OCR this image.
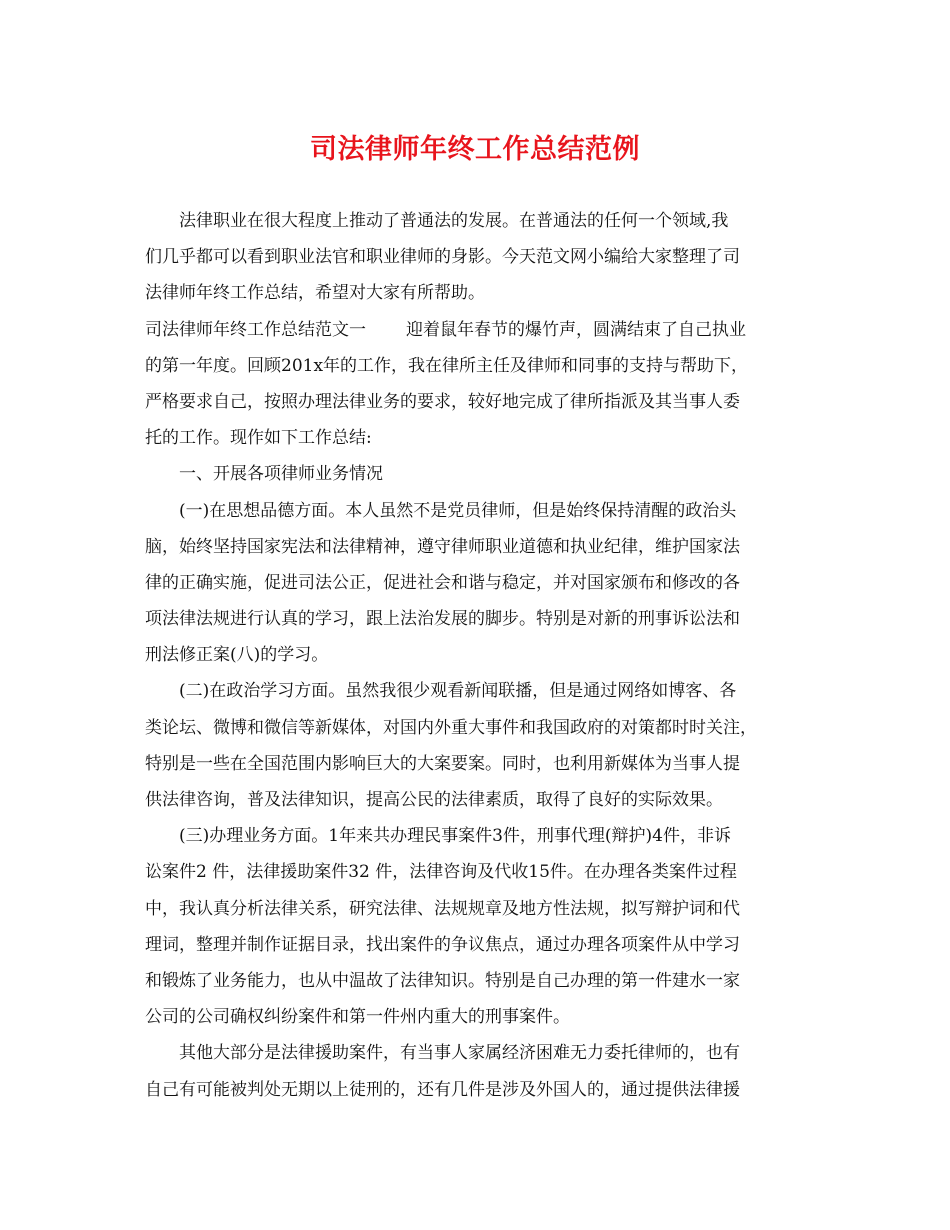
司法律师年终工作总结范例
法律职业在很大程度上推动了普通法的发展。在普通法的任何一个领域,我
们几乎都可以看到职业法官和职业律师的身影。今天范文网小编给大家整理了司
法律师年终工作总结，希望对大家有所帮助。
司法律师年终工作总结范文一 迎着鼠年春节的爆竹声，圆满结束了自己执业
的第一年度。回顾201x年的工作，我在律所主任及律师和同事的支持与帮助下，
严格要求自己，按照办理法律业务的要求，较好地完成了律所指派及其当事人委
托的工作。现作如下工作总结:
一、开展各项律师业务情况
(一)在思想品德方面。本人虽然不是党员律师，但是始终保持清醒的政治头
脑，始终坚持国家宪法和法律精神，遵守律师职业道德和执业纪律，维护国家法
律的正确实施，促进司法公正，促进社会和谐与稳定，并对国家颁布和修改的各
项法律法规进行认真的学习，跟上法治发展的脚步。特别是对新的刑事诉讼法和
刑法修正案(八)的学习。
(二)在政治学习方面。虽然我很少观看新闻联播，但是通过网络如博客、各
类论坛、微博和微信等新媒体，对国内外重大事件和我国政府的对策都时时关注，
特别是一些在全国范围内影响巨大的大案要案。同时，也利用新媒体为当事人提
供法律咨询，普及法律知识，提高公民的法律素质，取得了良好的实际效果。
(三)办理业务方面。1年来共办理民事案件3件，刑事代理(辩护)4件，非诉
讼案件2 件，法律援助案件32 件，法律咨询及代收15件。在办理各类案件过程
中，我认真分析法律关系，研究法律、法规规章及地方性法规，拟写辩护词和代
理词，整理并制作证据目录，找出案件的争议焦点，通过办理各项案件从中学习
和锻炼了业务能力，也从中温故了法律知识。特别是自己办理的第一件建水一家
公司的公司确权纠纷案件和第一件州内重大的刑事案件。
其他大部分是法律援助案件，有当事人家属经济困难无力委托律师的，也有
自己有可能被判处无期以上徒刑的，还有几件是涉及外国人的，通过提供法律援
